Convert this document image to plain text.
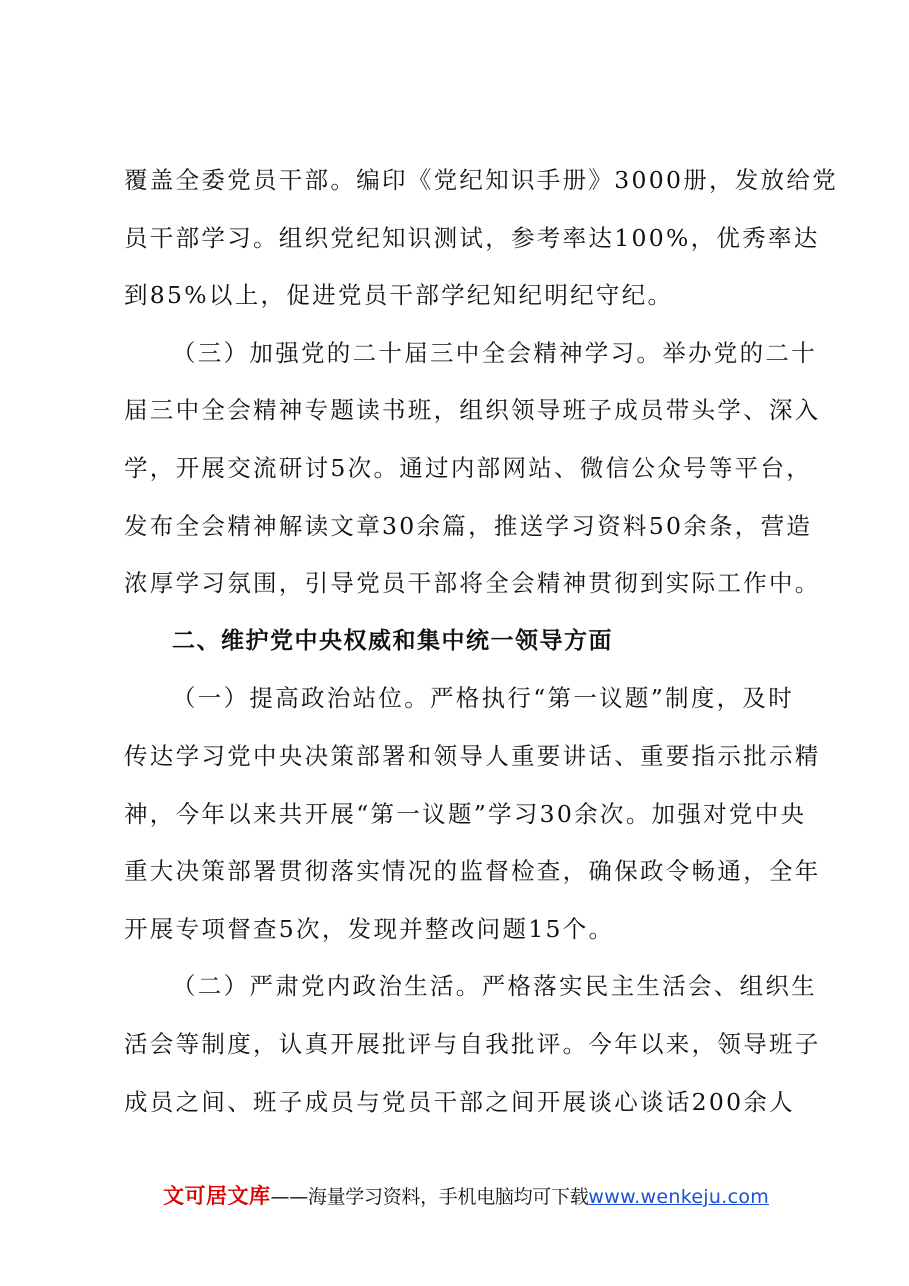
覆盖全委党员干部。编印《党纪知识手册》3000册，发放给党
员干部学习。组织党纪知识测试，参考率达100%，优秀率达
到85%以上，促进党员干部学纪知纪明纪守纪。
（三）加强党的二十届三中全会精神学习。举办党的二十
届三中全会精神专题读书班，组织领导班子成员带头学、深入
学，开展交流研讨5次。通过内部网站、微信公众号等平台，
发布全会精神解读文章30余篇，推送学习资料50余条，营造
浓厚学习氛围，引导党员干部将全会精神贯彻到实际工作中。
二、维护党中央权威和集中统一领导方面
（一）提高政治站位。严格执行“第一议题”制度，及时
传达学习党中央决策部署和领导人重要讲话、重要指示批示精
神，今年以来共开展“第一议题”学习30余次。加强对党中央
重大决策部署贯彻落实情况的监督检查，确保政令畅通，全年
开展专项督查5次，发现并整改问题15个。
（二）严肃党内政治生活。严格落实民主生活会、组织生
活会等制度，认真开展批评与自我批评。今年以来，领导班子
成员之间、班子成员与党员干部之间开展谈心谈话200余人
文可居文库——海量学习资料，手机电脑均可下载www.wenkeju.com
